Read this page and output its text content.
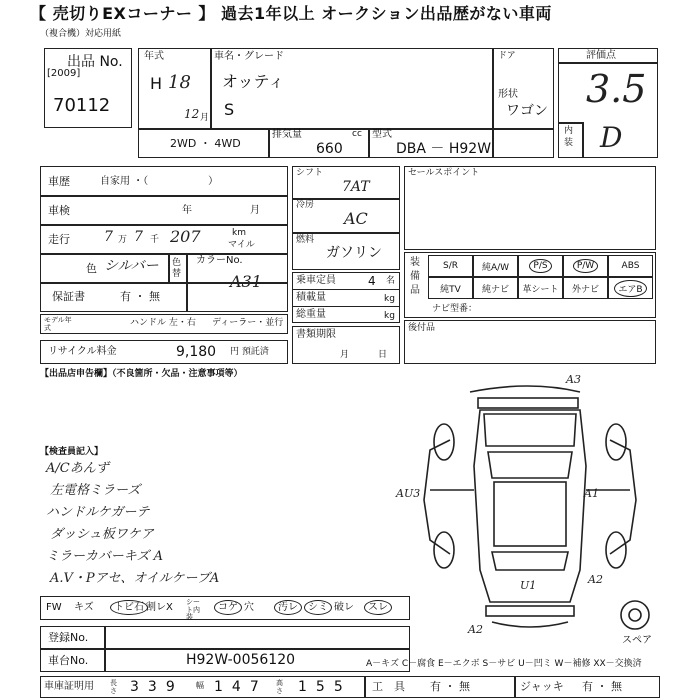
【 売切りEXコーナー 】 過去1年以上 オークション出品歴がない車両
（複合機）対応用紙
出品 No.
[2009]
70112
年式
H 18
12 月
車名・グレード
オッティ
S
ドア
形状
ワゴン
2WD ・ 4WD
排気量	cc
660
型式
DBA － H92W
評価点
3.5
内装 D
車歴	自家用 ・（　　　　　　）
車検	年	月
走行 7 万 7 千 207	km
マイル
色 シルバー 色替
カラーNo.
A31
保証書	有 ・ 無
モデル年式	ハンドル 左・右 ディーラー・並行
リサイクル料金	9,180 円 預託済
シフト
7AT
冷房
AC
燃料
ガソリン
乗車定員	4 名
積載量	kg
総重量	kg
書類期限
月	日
セールスポイント
装備品
S/R	純A/W	P/S	P/W	ABS
純TV 純ナビ 革シート 外ナビ	エアB
ナビ型番：
後付品
【出品店申告欄】（不良箇所・欠品・注意事項等）
【検査員記入】
A/Cあんず
左電格ミラーズ
ハンドルケガーテ
ダッシュ板ワケア
ミラーカバーキズ A
A.V・Pアセ、オイルケーブA
A3
AU3	A1
U1	A2
A2
スペア
FW キズ	トビ石 割レX シート内装
コゲ 穴	汚レ	シミ 破レ	スレ
登録No.
車台No.	H92W-0056120	A－キズ C－腐食 E－エクボ S－サビ U－凹ミ W－補修 XX－交換済
車庫証明用 長さ 339 幅 147 高さ 155 工　具 有 ・ 無	ジャッキ 有 ・ 無
